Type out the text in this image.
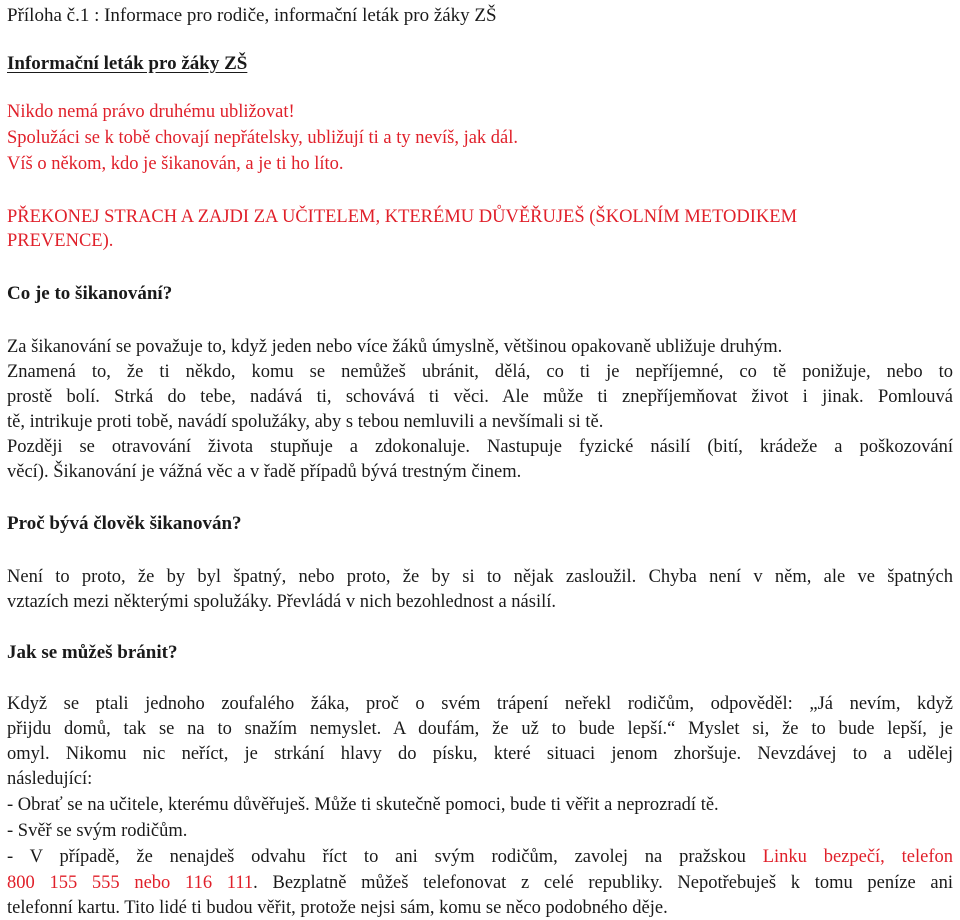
Příloha č.1 : Informace pro rodiče, informační leták pro žáky ZŠ

Informační leták pro žáky ZŠ

Nikdo nemá právo druhému ubližovat!

Spolužáci se k tobě chovají nepřátelsky, ubližují ti a ty nevíš, jak dál.

Víš o někom, kdo je šikanován, a je ti ho líto.

PŘEKONEJ STRACH A ZAJDI ZA UČITELEM, KTERÉMU DŮVĚŘUJEŠ (ŠKOLNÍM METODIKEM

PREVENCE).

Co je to šikanování?

Za šikanování se považuje to, když jeden nebo více žáků úmyslně, většinou opakovaně ubližuje druhým.

Znamená to, že ti někdo, komu se nemůžeš ubránit, dělá, co ti je nepříjemné, co tě ponižuje, nebo to

prostě bolí. Strká do tebe, nadává ti, schovává ti věci. Ale může ti znepříjemňovat život i jinak. Pomlouvá

tě, intrikuje proti tobě, navádí spolužáky, aby s tebou nemluvili a nevšímali si tě.

Později se otravování života stupňuje a zdokonaluje. Nastupuje fyzické násilí (bití, krádeže a poškozování

věcí). Šikanování je vážná věc a v řadě případů bývá trestným činem.

Proč bývá člověk šikanován?

Není to proto, že by byl špatný, nebo proto, že by si to nějak zasloužil. Chyba není v něm, ale ve špatných

vztazích mezi některými spolužáky. Převládá v nich bezohlednost a násilí.

Jak se můžeš bránit?

Když se ptali jednoho zoufalého žáka, proč o svém trápení neřekl rodičům, odpověděl: „Já nevím, když

přijdu domů, tak se na to snažím nemyslet. A doufám, že už to bude lepší.“ Myslet si, že to bude lepší, je

omyl. Nikomu nic neříct, je strkání hlavy do písku, které situaci jenom zhoršuje. Nevzdávej to a udělej

následující:

- Obrať se na učitele, kterému důvěřuješ. Může ti skutečně pomoci, bude ti věřit a neprozradí tě.

- Svěř se svým rodičům.

- V případě, že nenajdeš odvahu říct to ani svým rodičům, zavolej na pražskou Linku bezpečí, telefon

800 155 555 nebo 116 111. Bezplatně můžeš telefonovat z celé republiky. Nepotřebuješ k tomu peníze ani

telefonní kartu. Tito lidé ti budou věřit, protože nejsi sám, komu se něco podobného děje.
